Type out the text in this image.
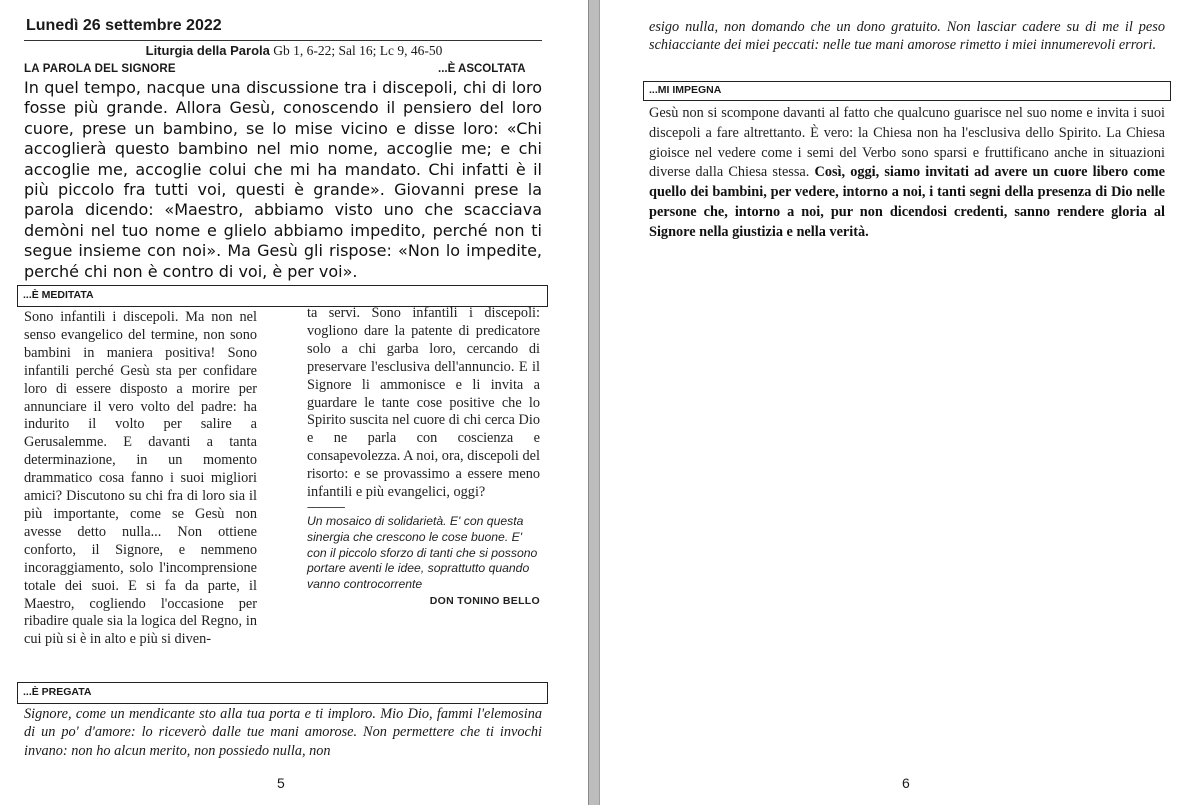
Lunedì 26 settembre 2022
Liturgia della Parola Gb 1, 6-22; Sal 16; Lc 9, 46-50
LA PAROLA DEL SIGNORE	...È ASCOLTATA

In quel tempo, nacque una discussione tra i discepoli, chi di loro fosse più grande. Allora Gesù, conoscendo il pensiero del loro cuore, prese un bambino, se lo mise vicino e disse loro: «Chi accoglierà questo bambino nel mio nome, accoglie me; e chi accoglie me, accoglie colui che mi ha mandato. Chi infatti è il più piccolo fra tutti voi, questi è grande». Giovanni prese la parola dicendo: «Maestro, abbiamo visto uno che scacciava demòni nel tuo nome e glielo abbiamo impedito, perché non ti segue insieme con noi». Ma Gesù gli rispose: «Non lo impedite, perché chi non è contro di voi, è per voi».

...È MEDITATA

Sono infantili i discepoli. Ma non nel senso evangelico del termine, non sono bambini in maniera positiva! Sono infantili perché Gesù sta per confidare loro di essere disposto a morire per annunciare il vero volto del padre: ha indurito il volto per salire a Gerusalemme. E davanti a tanta determinazione, in un momento drammatico cosa fanno i suoi migliori amici? Discutono su chi fra di loro sia il più importante, come se Gesù non avesse detto nulla... Non ottiene conforto, il Signore, e nemmeno incoraggiamento, solo l'incomprensione totale dei suoi. E si fa da parte, il Maestro, cogliendo l'occasione per ribadire quale sia la logica del Regno, in cui più si è in alto e più si diven-

ta servi. Sono infantili i discepoli: vogliono dare la patente di predicatore solo a chi garba loro, cercando di preservare l'esclusiva dell'annuncio. E il Signore li ammonisce e li invita a guardare le tante cose positive che lo Spirito suscita nel cuore di chi cerca Dio e ne parla con coscienza e consapevolezza. A noi, ora, discepoli del risorto: e se provassimo a essere meno infantili e più evangelici, oggi?

----------------

Un mosaico di solidarietà. E' con questa sinergia che crescono le cose buone. E' con il piccolo sforzo di tanti che si possono portare aventi le idee, soprattutto quando vanno controcorrente

DON TONINO BELLO

...È PREGATA

Signore, come un mendicante sto alla tua porta e ti imploro. Mio Dio, fammi l'elemosina di un po' d'amore: lo riceverò dalle tue mani amorose. Non permettere che ti invochi invano: non ho alcun merito, non possiedo nulla, non

5

esigo nulla, non domando che un dono gratuito. Non lasciar cadere su di me il peso schiacciante dei miei peccati: nelle tue mani amorose rimetto i miei innumerevoli errori.

...MI IMPEGNA

Gesù non si scompone davanti al fatto che qualcuno guarisce nel suo nome e invita i suoi discepoli a fare altrettanto. È vero: la Chiesa non ha l'esclusiva dello Spirito. La Chiesa gioisce nel vedere come i semi del Verbo sono sparsi e fruttificano anche in situazioni diverse dalla Chiesa stessa. Così, oggi, siamo invitati ad avere un cuore libero come quello dei bambini, per vedere, intorno a noi, i tanti segni della presenza di Dio nelle persone che, intorno a noi, pur non dicendosi credenti, sanno rendere gloria al Signore nella giustizia e nella verità.

6
